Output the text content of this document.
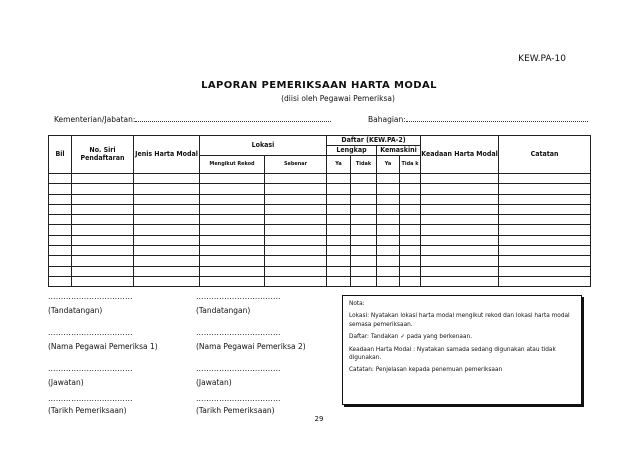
KEW.PA-10
LAPORAN PEMERIKSAAN HARTA MODAL
(diisi oleh Pegawai Pemeriksa)
Kementerian/Jabatan:	Bahagian:
Bil	No. Siri Pendaftaran	Jenis Harta Modal	Lokasi		Daftar (KEW.PA-2)				Keadaan Harta Modal	Catatan
					Lengkap		Kemaskini			
			Mengikut Rekod	Sebenar	Ya	Tidak	Ya	Tida k		

……………………………
(Tandatangan)
……………………………
(Nama Pegawai Pemeriksa 1)
……………………………
(Jawatan)
……………………………
(Tarikh Pemeriksaan)
……………………………
(Tandatangan)
……………………………
(Nama Pegawai Pemeriksa 2)
……………………………
(Jawatan)
……………………………
(Tarikh Pemeriksaan)

Nota:

Lokasi: Nyatakan lokasi harta modal mengikut rekod dan lokasi harta modal semasa pemeriksaan.

Daftar: Tandakan ✓ pada yang berkenaan.

Keadaan Harta Modal : Nyatakan samada sedang digunakan atau tidak digunakan.

Catatan: Penjelasan kepada penemuan pemeriksaan

29
